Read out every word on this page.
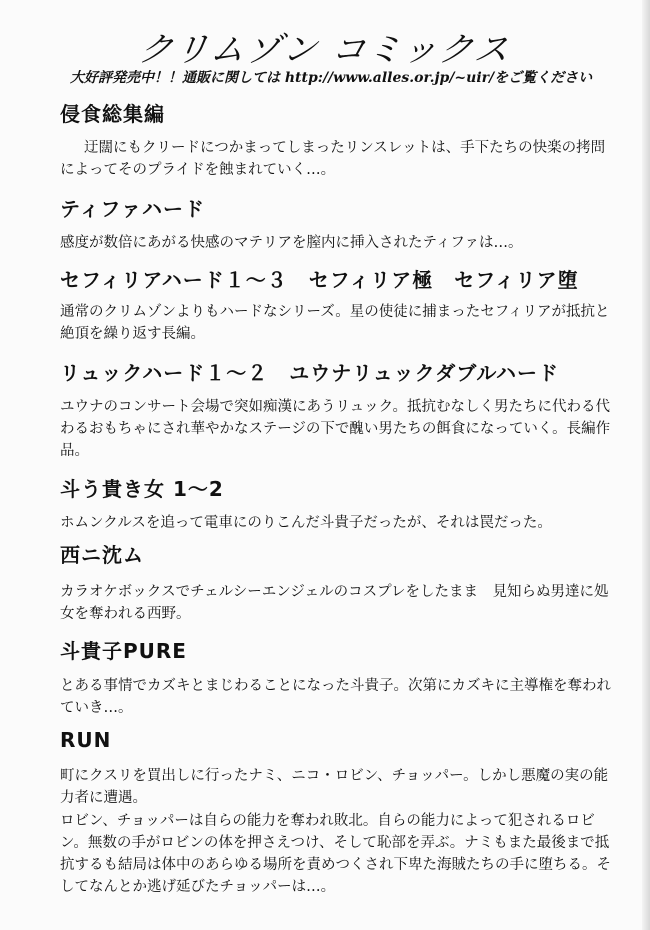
クリムゾン コミックス
大好評発売中！！通販に関しては http://www.alles.or.jp/~uir/をご覧ください
侵食総集編
迂闊にもクリードにつかまってしまったリンスレットは、手下たちの快楽の拷問によってそのプライドを蝕まれていく…。
ティファハード
感度が数倍にあがる快感のマテリアを膣内に挿入されたティファは…。
セフィリアハード１〜３　セフィリア極　セフィリア堕
通常のクリムゾンよりもハードなシリーズ。星の使徒に捕まったセフィリアが抵抗と絶頂を繰り返す長編。
リュックハード１〜２　ユウナリュックダブルハード
ユウナのコンサート会場で突如痴漢にあうリュック。抵抗むなしく男たちに代わる代わるおもちゃにされ華やかなステージの下で醜い男たちの餌食になっていく。長編作品。
斗う貴き女 1〜2
ホムンクルスを追って電車にのりこんだ斗貴子だったが、それは罠だった。
西ニ沈ム
カラオケボックスでチェルシーエンジェルのコスプレをしたまま　見知らぬ男達に処女を奪われる西野。
斗貴子PURE
とある事情でカズキとまじわることになった斗貴子。次第にカズキに主導権を奪われていき…。
RUN
町にクスリを買出しに行ったナミ、ニコ・ロビン、チョッパー。しかし悪魔の実の能力者に遭遇。
ロビン、チョッパーは自らの能力を奪われ敗北。自らの能力によって犯されるロビン。無数の手がロビンの体を押さえつけ、そして恥部を弄ぶ。ナミもまた最後まで抵抗するも結局は体中のあらゆる場所を責めつくされ下卑た海賊たちの手に堕ちる。そしてなんとか逃げ延びたチョッパーは…。
